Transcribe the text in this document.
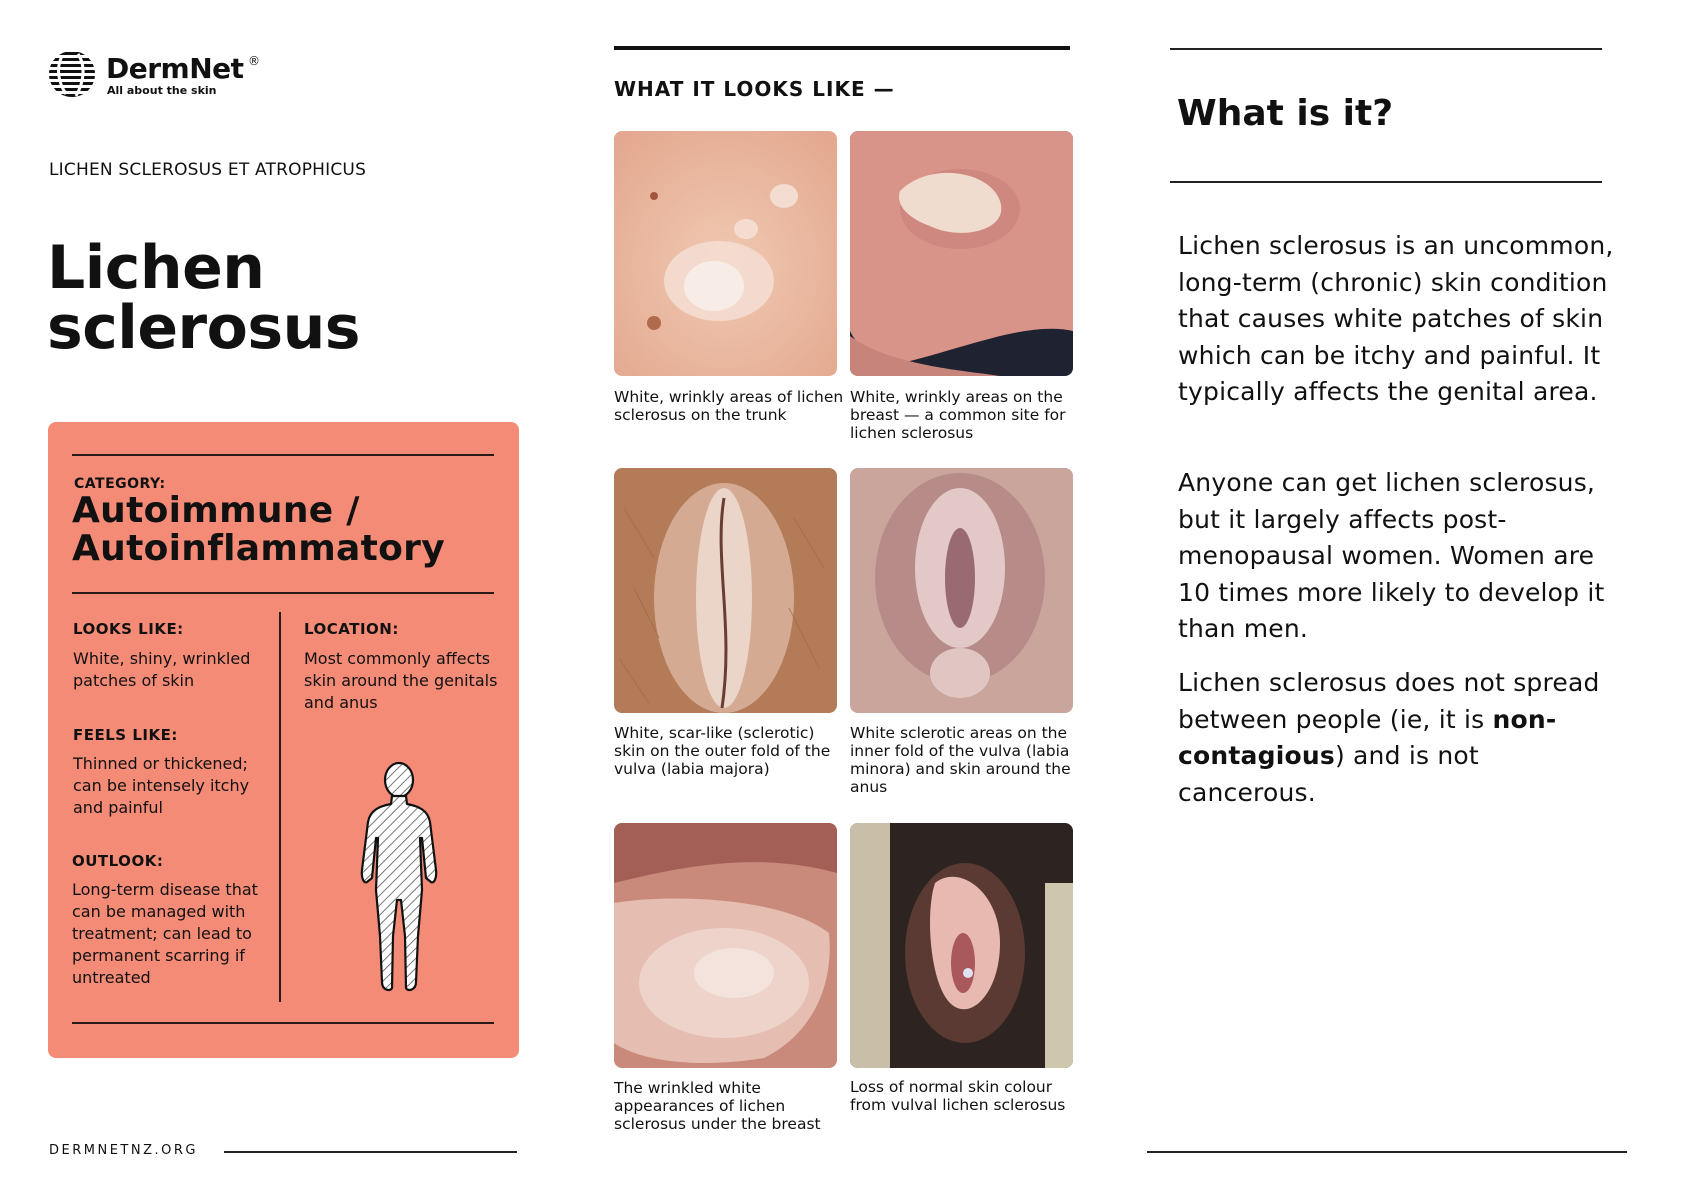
DermNet ®
All about the skin
LICHEN SCLEROSUS ET ATROPHICUS
Lichen
sclerosus
CATEGORY:
Autoimmune /
Autoinflammatory
LOOKS LIKE:
White, shiny, wrinkled patches of skin
LOCATION:
Most commonly affects skin around the genitals and anus
FEELS LIKE:
Thinned or thickened; can be intensely itchy and painful
OUTLOOK:
Long-term disease that can be managed with treatment; can lead to permanent scarring if untreated
DERMNETNZ.ORG
WHAT IT LOOKS LIKE —
White, wrinkly areas of lichen sclerosus on the trunk
White, wrinkly areas on the breast — a common site for lichen sclerosus
White, scar-like (sclerotic) skin on the outer fold of the vulva (labia majora)
White sclerotic areas on the inner fold of the vulva (labia minora) and skin around the anus
The wrinkled white appearances of lichen sclerosus under the breast
Loss of normal skin colour from vulval lichen sclerosus
What is it?

Lichen sclerosus is an uncommon, long-term (chronic) skin condition that causes white patches of skin which can be itchy and painful. It typically affects the genital area.

Anyone can get lichen sclerosus, but it largely affects post-menopausal women. Women are 10 times more likely to develop it than men.

Lichen sclerosus does not spread between people (ie, it is non-contagious) and is not cancerous.
